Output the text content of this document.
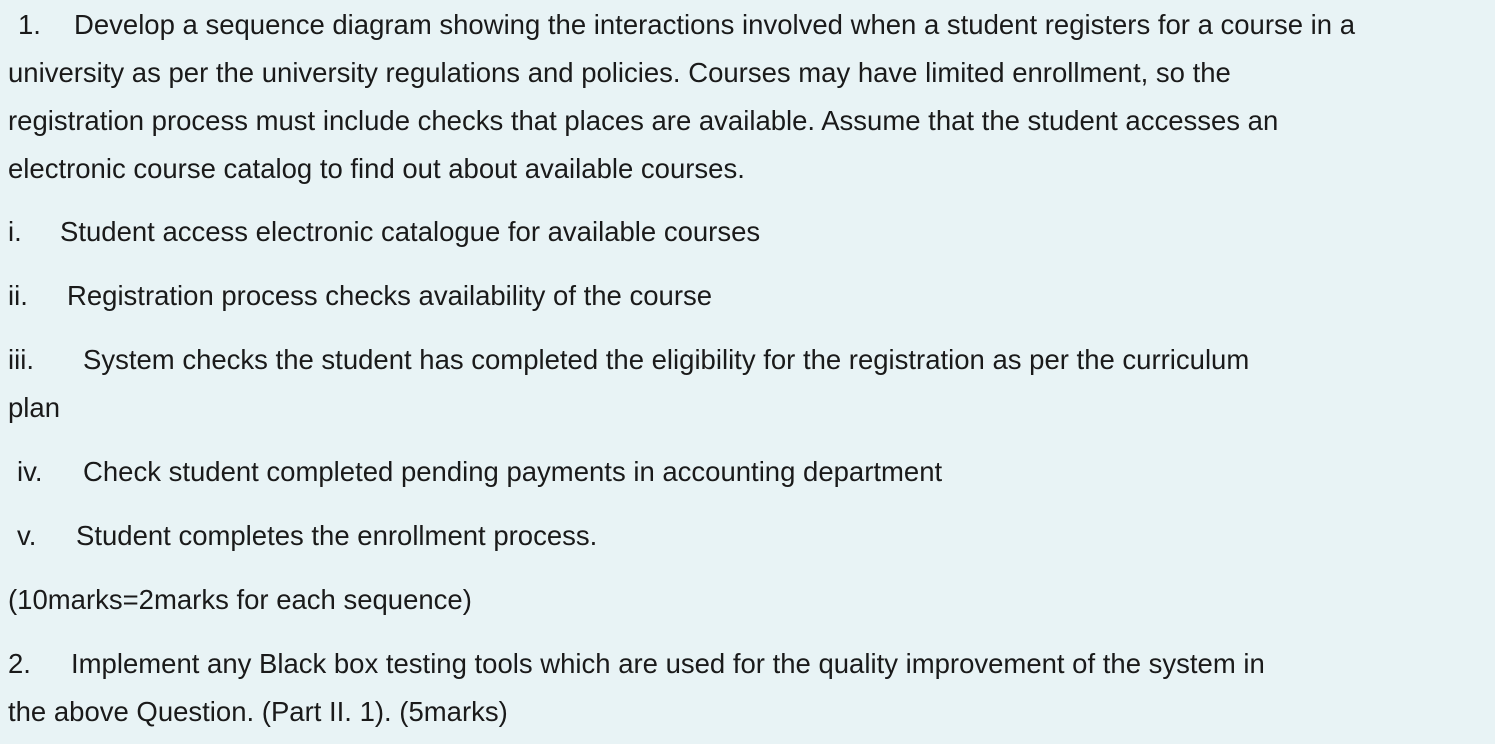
1. Develop a sequence diagram showing the interactions involved when a student registers for a course in a
university as per the university regulations and policies. Courses may have limited enrollment, so the
registration process must include checks that places are available. Assume that the student accesses an
electronic course catalog to find out about available courses.
i. Student access electronic catalogue for available courses
ii. Registration process checks availability of the course
iii. System checks the student has completed the eligibility for the registration as per the curriculum
plan
iv. Check student completed pending payments in accounting department
v. Student completes the enrollment process.
(10marks=2marks for each sequence)
2. Implement any Black box testing tools which are used for the quality improvement of the system in
the above Question. (Part II. 1). (5marks)
